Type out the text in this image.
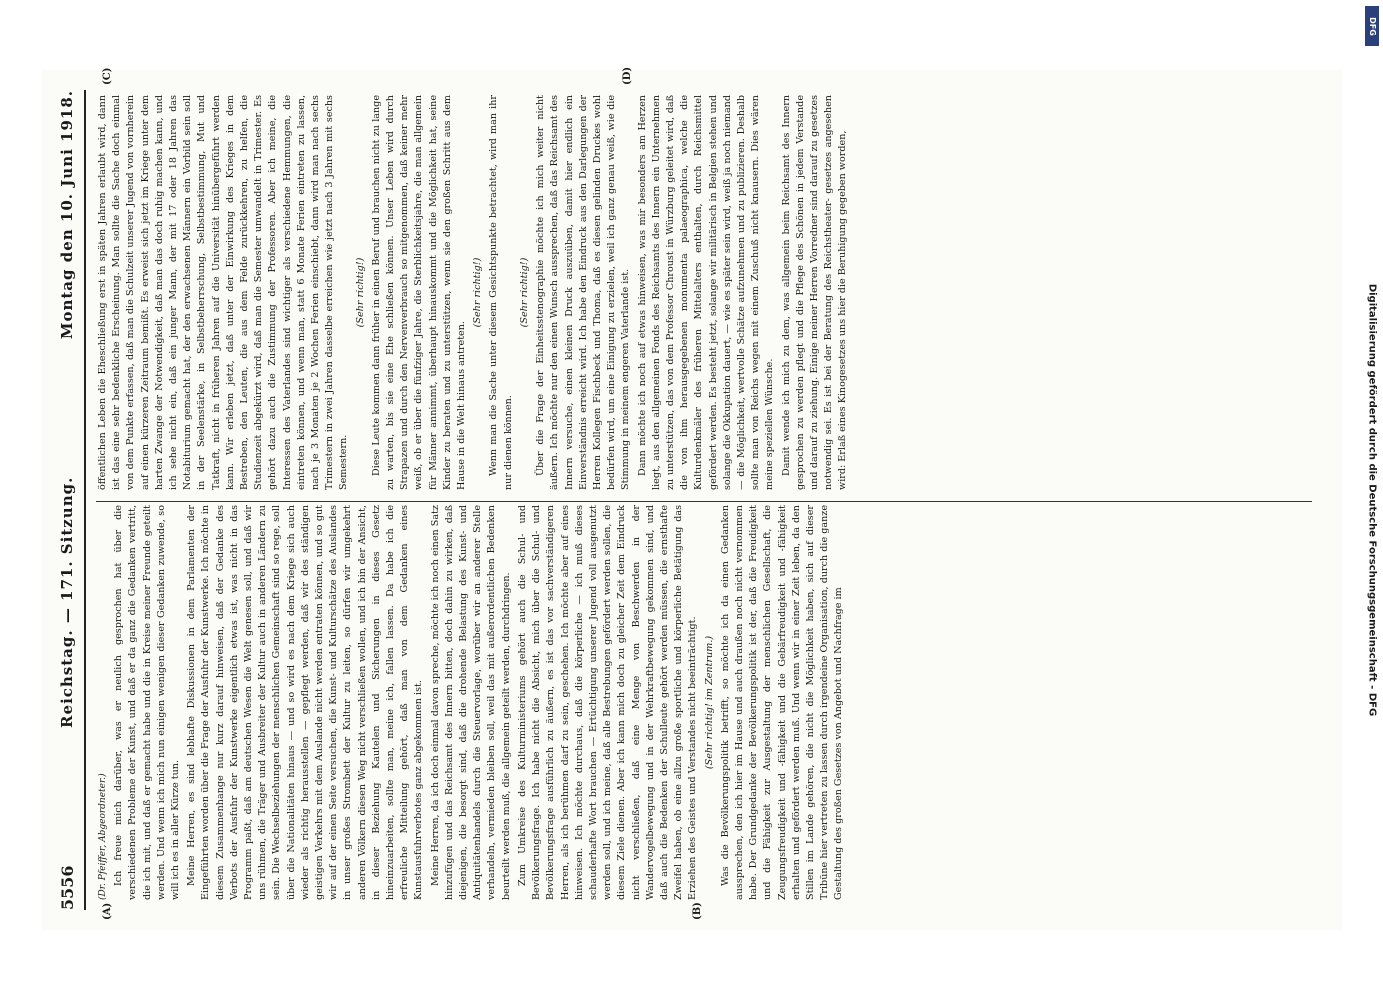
5556
Reichstag. — 171. Sitzung.
Montag den 10. Juni 1918.
(A)	(B)
(C)	(D)

(Dr. Pfeiffer, Abgeordneter.) Ich freue mich darüber, was er neulich gesprochen hat über die verschiedenen Probleme der Kunst, und daß er da ganz die Gedanken vertritt, die ich mit, und daß er gemacht habe und die in Kreise meiner Freunde geteilt werden. Und wenn ich mich nun einigen wenigen dieser Gedanken zuwende, so will ich es in aller Kürze tun. Meine Herren, es sind lebhafte Diskussionen in dem Parlamenten der Eingeführten worden über die Frage der Ausfuhr der Kunstwerke. Ich möchte in diesem Zusammenhange nur kurz darauf hinweisen, daß der Gedanke des Verbots der Ausfuhr der Kunstwerke eigentlich etwas ist, was nicht in das Programm paßt, daß am deutschen Wesen die Welt genesen soll, und daß wir uns rühmen, die Träger und Ausbreiter der Kultur auch in anderen Ländern zu sein. Die Wechselbeziehungen der menschlichen Gemeinschaft sind so rege, soll über die Nationalitäten hinaus — und so wird es nach dem Kriege sich auch wieder als richtig herausstellen — gepflegt werden, daß wir des ständigen geistigen Verkehrs mit dem Auslande nicht werden entraten können, und so gut wir auf der einen Seite versuchen, die Kunst- und Kulturschätze des Auslandes in unser großes Strombett der Kultur zu leiten, so dürfen wir umgekehrt anderen Völkern diesen Weg nicht verschließen wollen, und ich bin der Ansicht, in dieser Beziehung Kautelen und Sicherungen in dieses Gesetz hineinzuarbeiten, sollte man, meine ich, fallen lassen. Da habe ich die erfreuliche Mitteilung gehört, daß man von dem Gedanken eines Kunstausfuhrverbotes ganz abgekommen ist. Meine Herren, da ich doch einmal davon spreche, möchte ich noch einen Satz hinzufügen und das Reichsamt des Innern bitten, doch dahin zu wirken, daß diejenigen, die besorgt sind, daß die drohende Belastung des Kunst- und Antiquitätenhandels durch die Steuervorlage, worüber wir an anderer Stelle verhandeln, vermieden bleiben soll, weil das mit außerordentlichen Bedenken beurteilt werden muß, die allgemein geteilt werden, durchdringen. Zum Umkreise des Kulturministeriums gehört auch die Schul- und Bevölkerungsfrage. Ich habe nicht die Absicht, mich über die Schul- und Bevölkerungsfrage ausführlich zu äußern, es ist das vor sachverständigeren Herren, als ich berühmen darf zu sein, geschehen. Ich möchte aber auf eines hinweisen. Ich möchte durchaus, daß die körperliche — ich muß dieses schauderhafte Wort brauchen — Ertüchtigung unserer Jugend voll ausgenutzt werden soll, und ich meine, daß alle Bestrebungen gefördert werden sollen, die diesem Ziele dienen. Aber ich kann mich doch zu gleicher Zeit dem Eindruck nicht verschließen, daß eine Menge von Beschwerden in der Wandervogelbewegung und in der Wehrkraftbewegung gekommen sind, und daß auch die Bedenken der Schulleute gehört werden müssen, die ernsthafte Zweifel haben, ob eine allzu große sportliche und körperliche Betätigung das Erziehen des Geistes und Verstandes nicht beeinträchtigt. (Sehr richtig! im Zentrum.) Was die Bevölkerungspolitik betrifft, so möchte ich da einen Gedanken aussprechen, den ich hier im Hause und auch draußen noch nicht vernommen habe. Der Grundgedanke der Bevölkerungspolitik ist der, daß die Freudigkeit und die Fähigkeit zur Ausgestaltung der menschlichen Gesellschaft, die Zeugungsfreudigkeit und -fähigkeit und die Gebärfreudigkeit und -fähigkeit erhalten und gefördert werden muß. Und wenn wir in einer Zeit leben, da den Stillen im Lande gehören, die nicht die Möglichkeit haben, sich auf dieser Tribüne hier vertreten zu lassen durch irgendeine Organisation, durch die ganze Gestaltung des großen Gesetzes von Angebot und Nachfrage im

öffentlichen Leben die Eheschließung erst in späten Jahren erlaubt wird, dann ist das eine sehr bedenkliche Erscheinung. Man sollte die Sache doch einmal von dem Punkte erfassen, daß man die Schulzeit unserer Jugend von vornherein auf einen kürzeren Zeitraum bemißt. Es erweist sich jetzt im Kriege unter dem harten Zwange der Notwendigkeit, daß man das doch ruhig machen kann, und ich sehe nicht ein, daß ein junger Mann, der mit 17 oder 18 Jahren das Notabiturium gemacht hat, der den erwachsenen Männern ein Vorbild sein soll in der Seelenstärke, in Selbstbeherrschung, Selbstbestimmung, Mut und Tatkraft, nicht in früheren Jahren auf die Universität hinübergeführt werden kann. Wir erleben jetzt, daß unter der Einwirkung des Krieges in dem Bestreben, den Leuten, die aus dem Felde zurückkehren, zu helfen, die Studienzeit abgekürzt wird, daß man die Semester umwandelt in Trimester. Es gehört dazu auch die Zustimmung der Professoren. Aber ich meine, die Interessen des Vaterlandes sind wichtiger als verschiedene Hemmungen, die eintreten können, und wenn man, statt 6 Monate Ferien eintreten zu lassen, nach je 3 Monaten je 2 Wochen Ferien einschiebt, dann wird man nach sechs Trimestern in zwei Jahren dasselbe erreichen wie jetzt nach 3 Jahren mit sechs Semestern.

(Sehr richtig!) Diese Leute kommen dann früher in einen Beruf und brauchen nicht zu lange zu warten, bis sie eine Ehe schließen können. Unser Leben wird durch Strapazen und durch den Nervenverbrauch so mitgenommen, daß keiner mehr weiß, ob er über die fünfziger Jahre, die Sterblichkeitsjahre, die man allgemein für Männer annimmt, überhaupt hinauskommt und die Möglichkeit hat, seine Kinder zu beraten und zu unterstützen, wenn sie den großen Schritt aus dem Hause in die Welt hinaus antreten.

(Sehr richtig!) Wenn man die Sache unter diesem Gesichtspunkte betrachtet, wird man ihr nur dienen können.

(Sehr richtig!) Über die Frage der Einheitsstenographie möchte ich mich weiter nicht äußern. Ich möchte nur den einen Wunsch aussprechen, daß das Reichsamt des Innern versuche, einen kleinen Druck auszuüben, damit hier endlich ein Einverständnis erreicht wird. Ich habe den Eindruck aus den Darlegungen der Herren Kollegen Fischbeck und Thoma, daß es diesen gelinden Druckes wohl bedürfen wird, um eine Einigung zu erzielen, weil ich ganz genau weiß, wie die Stimmung in meinem engeren Vaterlande ist. Dann möchte ich noch auf etwas hinweisen, was mir besonders am Herzen liegt, aus den allgemeinen Fonds des Reichsamts des Innern ein Unternehmen zu unterstützen, das von dem Professor Chroust in Würzburg geleitet wird, daß die von ihm herausgegebenen monumenta palaeographica, welche die Kulturdenkmäler des früheren Mittelalters enthalten, durch Reichsmittel gefördert werden. Es besteht jetzt, solange wir militärisch in Belgien stehen und solange die Okkupation dauert, — wie es später sein wird, weiß ja noch niemand — die Möglichkeit, wertvolle Schätze aufzunehmen und zu publizieren. Deshalb sollte man von Reichs wegen mit einem Zuschuß nicht knausern. Dies wären meine speziellen Wünsche. Damit wende ich mich zu dem, was allgemein beim Reichsamt des Innern gesprochen zu werden pflegt und die Pflege des Schönen in jedem Verstande und darauf zu ziehung. Einige meiner Herren Vorredner sind darauf zu gesetzes notwendig sei. Es ist bei der Beratung des Reichstheater- gesetzes angesehen wird: Erlaß eines Kinogesetzes uns hier die Beruhigung gegeben worden,

DFG
Digitalisierung gefördert durch die Deutsche Forschungsgemeinschaft - DFG
